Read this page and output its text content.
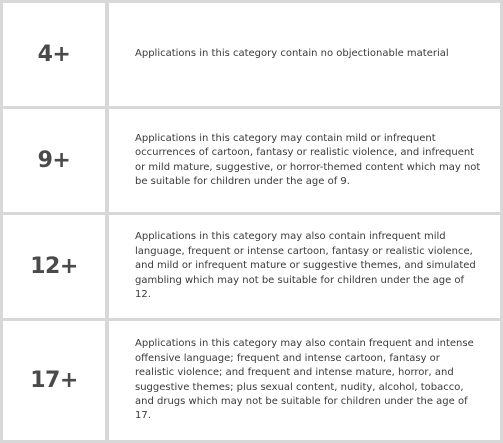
4+	Applications in this category contain no objectionable material
9+
Applications in this category may contain mild or infrequent occurrences of cartoon, fantasy or realistic violence, and infrequent or mild mature, suggestive, or horror-themed content which may not be suitable for children under the age of 9.
12+
Applications in this category may also contain infrequent mild language, frequent or intense cartoon, fantasy or realistic violence, and mild or infrequent mature or suggestive themes, and simulated gambling which may not be suitable for children under the age of 12.
17+
Applications in this category may also contain frequent and intense offensive language; frequent and intense cartoon, fantasy or realistic violence; and frequent and intense mature, horror, and suggestive themes; plus sexual content, nudity, alcohol, tobacco, and drugs which may not be suitable for children under the age of 17.
